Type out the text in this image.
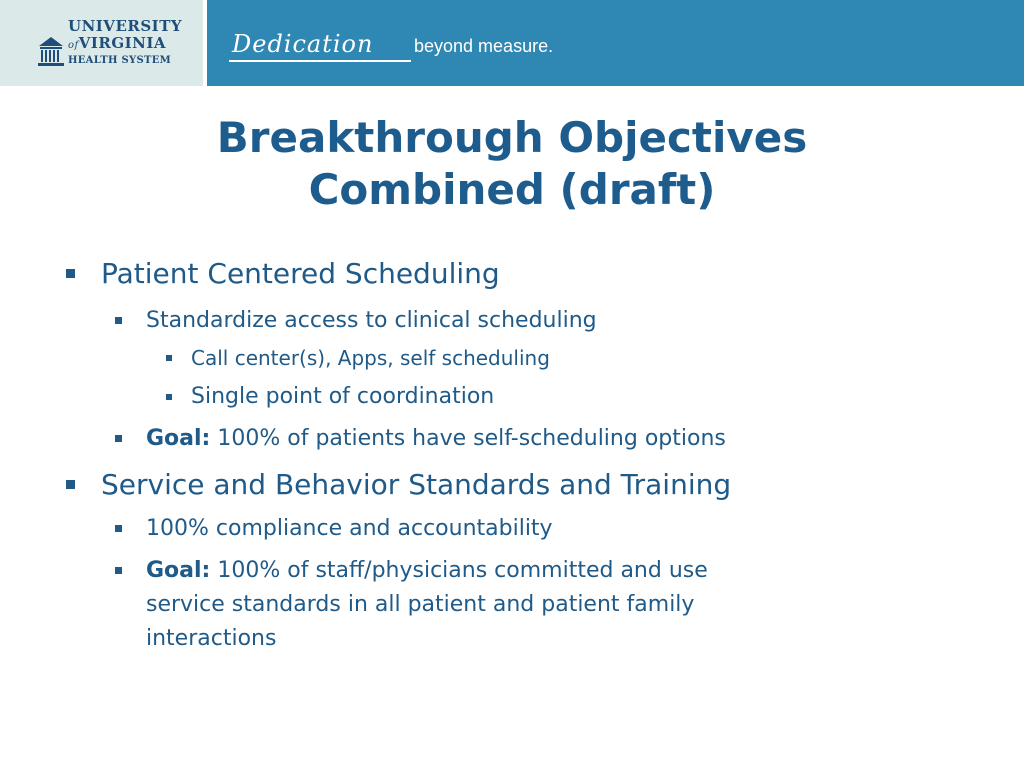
UNIVERSITY
ofVIRGINIA
HEALTH SYSTEM
Dedication beyond measure.
Breakthrough Objectives
Combined (draft)
Patient Centered Scheduling
Standardize access to clinical scheduling
Call center(s), Apps, self scheduling
Single point of coordination
Goal: 100% of patients have self-scheduling options
Service and Behavior Standards and Training
100% compliance and accountability
Goal: 100% of staff/physicians committed and use
service standards in all patient and patient family
interactions
